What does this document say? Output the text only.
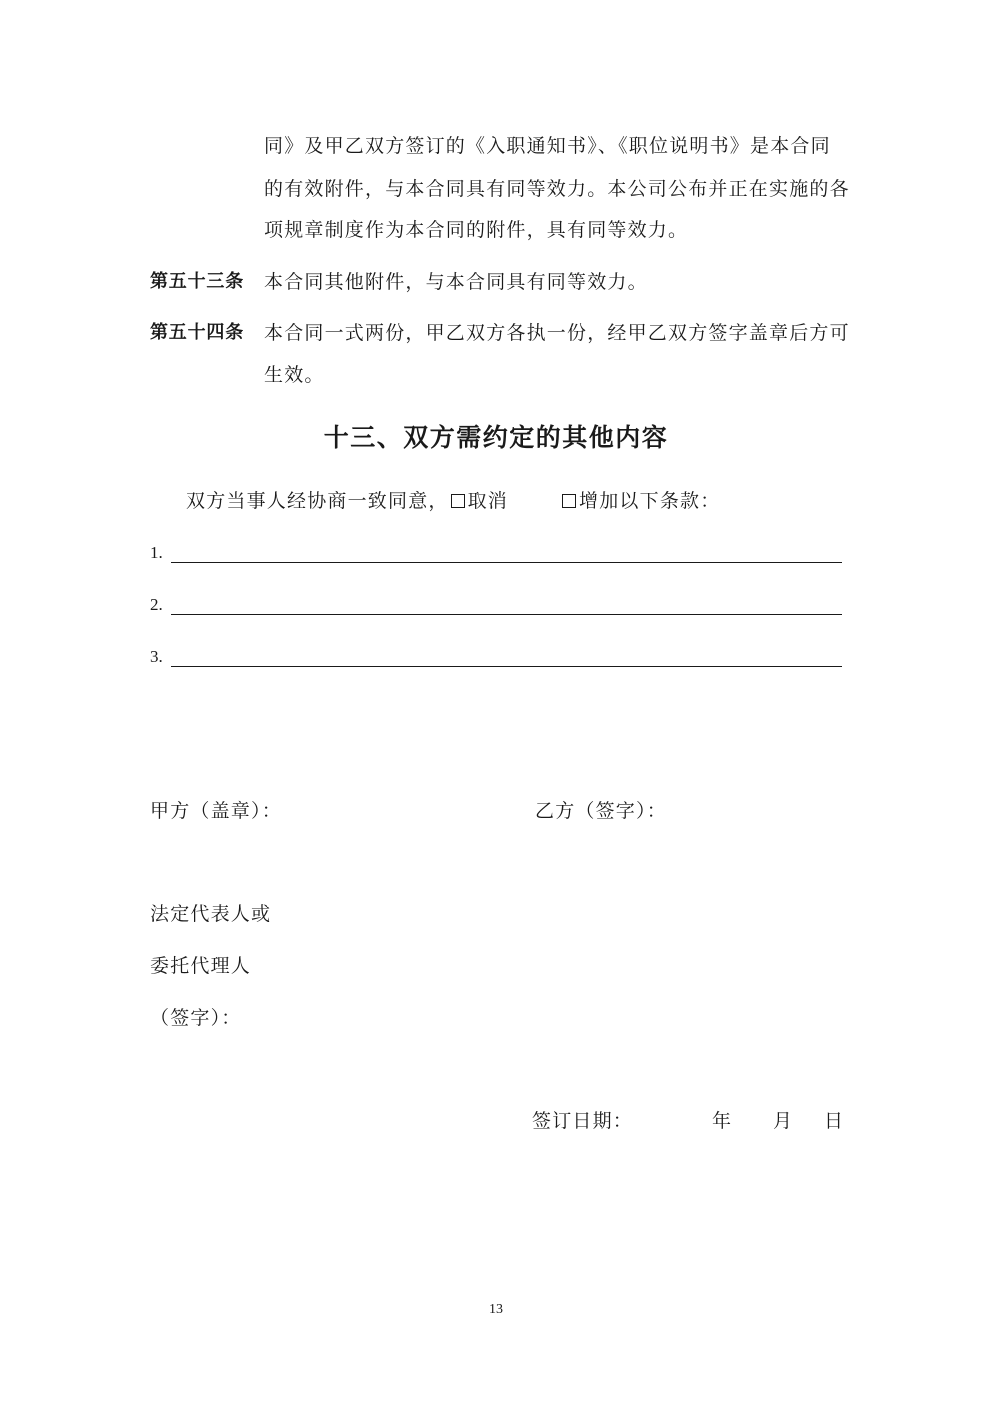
同》及甲乙双方签订的《入职通知书》、《职位说明书》是本合同
的有效附件，与本合同具有同等效力。本公司公布并正在实施的各
项规章制度作为本合同的附件，具有同等效力。
第五十三条 本合同其他附件，与本合同具有同等效力。
第五十四条 本合同一式两份，甲乙双方各执一份，经甲乙双方签字盖章后方可
生效。
十三、双方需约定的其他内容
双方当事人经协商一致同意， 取消	增加以下条款：
1.
2.
3.
甲方（盖章）：	乙方（签字）：
法定代表人或
委托代理人
（签字）：
签订日期：	年 月 日
13
